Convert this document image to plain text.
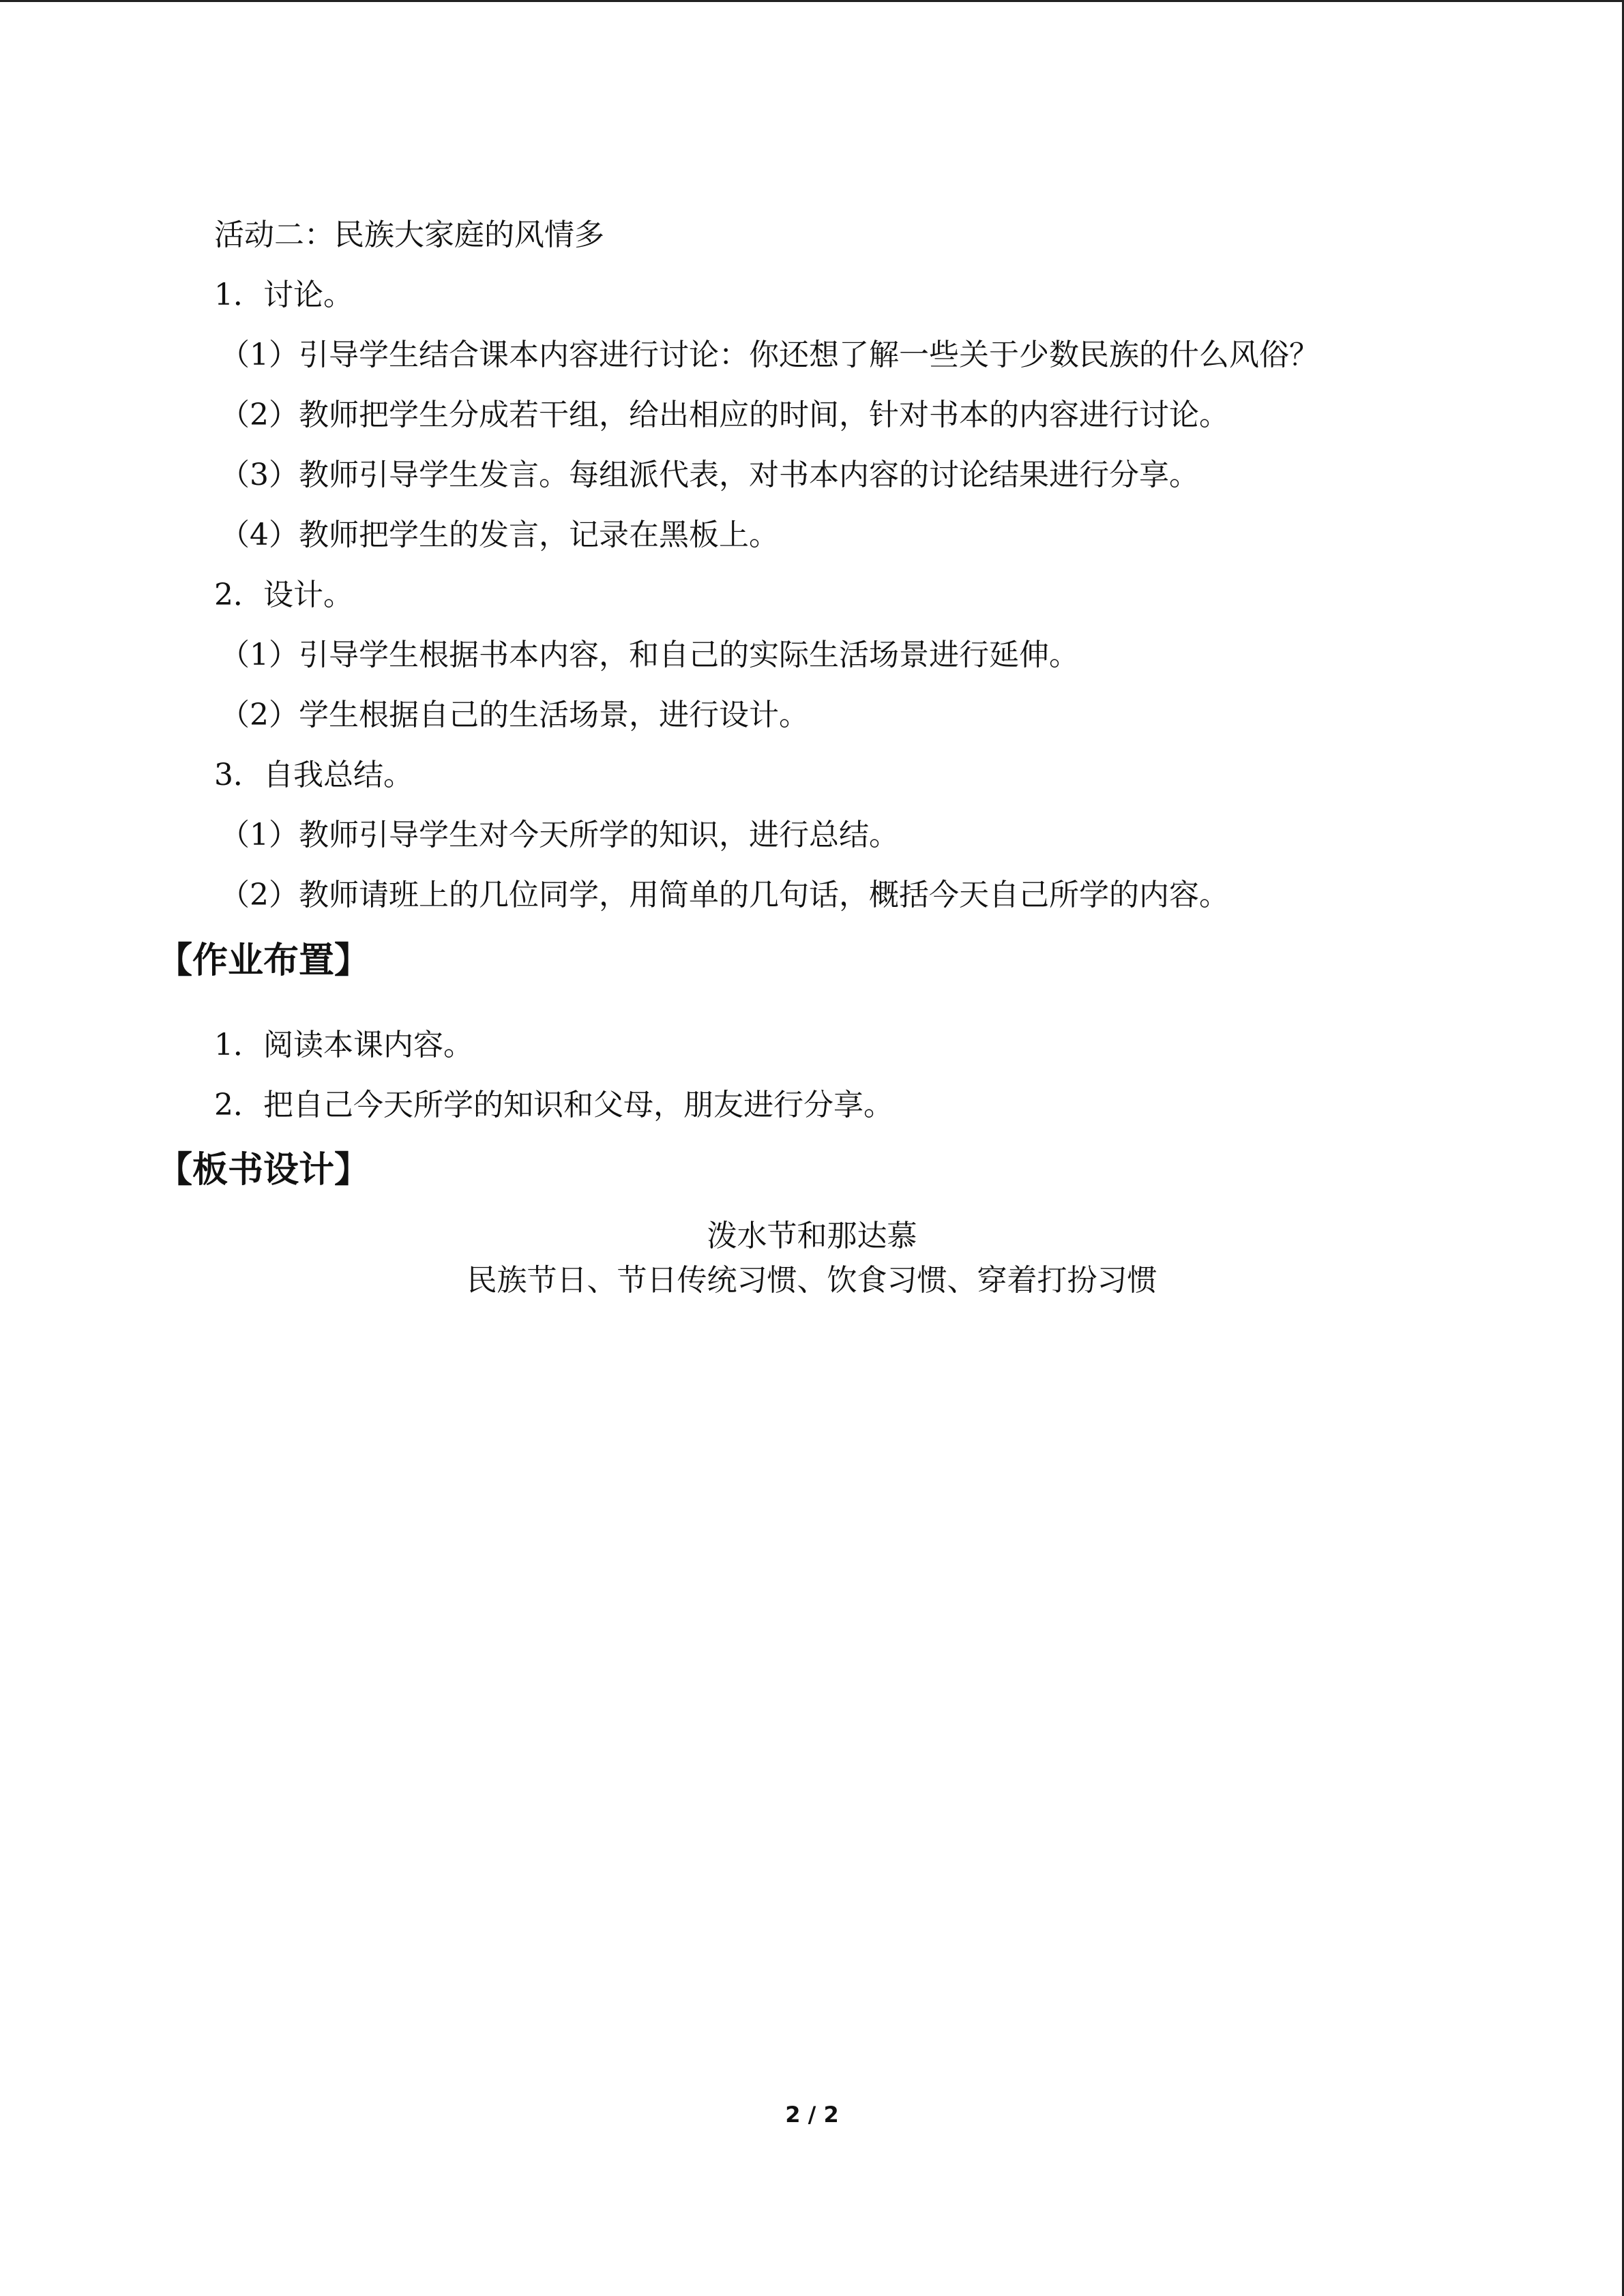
活动二：民族大家庭的风情多
1．讨论。
（1）引导学生结合课本内容进行讨论：你还想了解一些关于少数民族的什么风俗？
（2）教师把学生分成若干组，给出相应的时间，针对书本的内容进行讨论。
（3）教师引导学生发言。每组派代表，对书本内容的讨论结果进行分享。
（4）教师把学生的发言，记录在黑板上。
2．设计。
（1）引导学生根据书本内容，和自己的实际生活场景进行延伸。
（2）学生根据自己的生活场景，进行设计。
3．自我总结。
（1）教师引导学生对今天所学的知识，进行总结。
（2）教师请班上的几位同学，用简单的几句话，概括今天自己所学的内容。
【作业布置】
1．阅读本课内容。
2．把自己今天所学的知识和父母，朋友进行分享。
【板书设计】
泼水节和那达慕
民族节日、节日传统习惯、饮食习惯、穿着打扮习惯
2 / 2
